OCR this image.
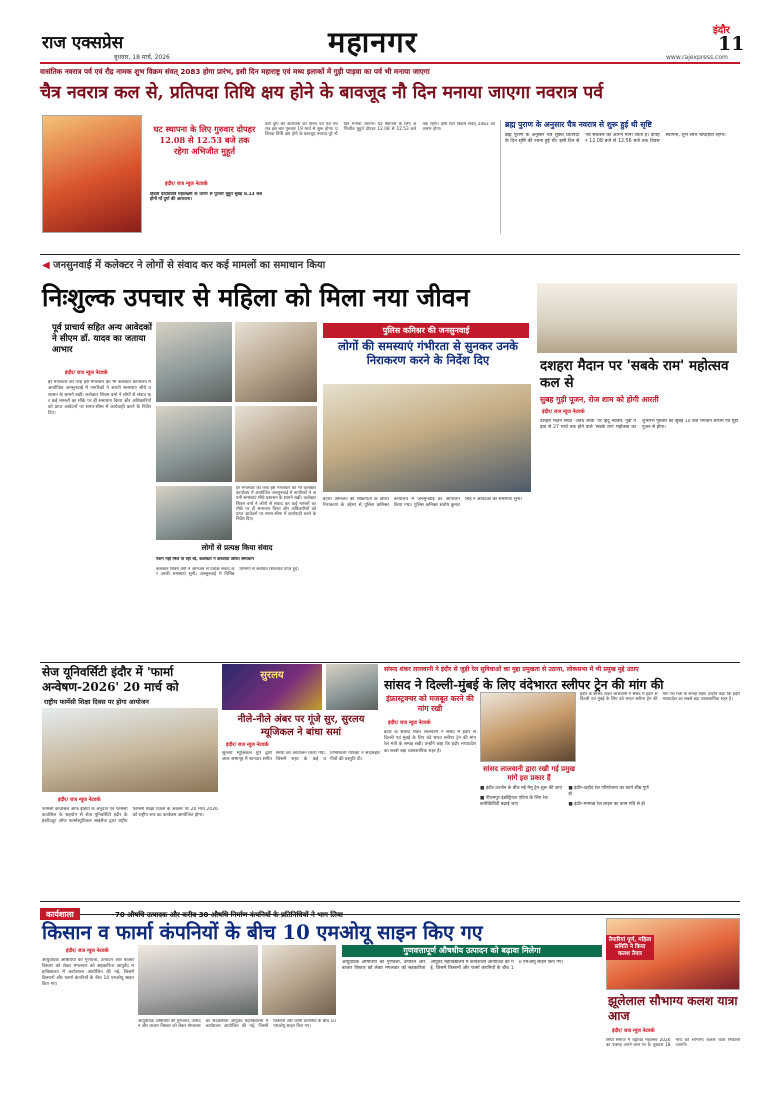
राज एक्सप्रेस
बुधवार, 18 मार्च, 2026	महानगर	इंदौर
11
www.rajexpress.com
वासंतिक नवरात्र पर्व एवं रौद्र नामक शुभ विक्रम संवत् 2083 होगा प्रारंभ, इसी दिन महाराष्ट्र एवं मध्य इलाकों में गुड़ी पाड़वा का पर्व भी मनाया जाएगा
चैत्र नवरात्र कल से, प्रतिपदा तिथि क्षय होने के बावजूद नौ दिन मनाया जाएगा नवरात्र पर्व
घट स्थापना के लिए गुरुवार दोपहर 12.08 से 12.53 बजे तक रहेगा अभिजीत मुहूर्त
इंदौर/ राज न्यूज नेटवर्क
हिंदवीं दैवाधिदेवि महालक्ष्मी के जागर से पुरवारे मुहूर्त सुबह 8.13 बजे होगी माँ दुर्गा की आराधना।
देवी दुर्गा की आराधना का पावन पर्व चैत्र नवरात्र इस बार गुरुवार 19 मार्च से शुरू होगा। प्रतिपदा तिथि क्षय होने के बावजूद नवरात्र पूरे नौ दिन मनाया जाएगा। घट स्थापना के लिए अभिजीत मुहूर्त दोपहर 12.08 से 12.53 बजे तक रहेगा। इसी दिन विक्रम संवत् 2083 का आरंभ होगा।
ब्रह्म पुराण के अनुसार चैत्र नवरात्र से शुरू हुई थी सृष्टि
ब्रह्म पुराण के अनुसार चैत्र शुक्ल प्रतिपदा के दिन सृष्टि की रचना हुई थी। इसी दिन से नव संवत्सर का आरंभ माना जाता है। दोपहर 12.08 बजे से 12.56 बजे तक दिवस स्थापना, शुभ लाभ चौघड़िया रहेगा।
◀ जनसुनवाई में कलेक्टर ने लोगों से संवाद कर कई मामलों का समाधान किया
निःशुल्क उपचार से महिला को मिला नया जीवन
पूर्व प्राचार्य सहित अन्य आवेदकों ने सीएम डॉ. यादव का जताया आभार
इंदौर/ राज न्यूज नेटवर्क
हर मंगलवार की तरह इस मंगलवार को भी कलेक्टर कार्यालय में आयोजित जनसुनवाई में नागरिकों ने अपनी समस्याएं सीधे प्रशासन के सामने रखीं। कलेक्टर शिवम वर्मा ने लोगों से संवाद कर कई मामलों का मौके पर ही समाधान किया और अधिकारियों को प्राप्त आवेदनों पर समय-सीमा में कार्यवाही करने के निर्देश दिए।
हर मंगलवार की तरह इस मंगलवार को भी कलेक्टर कार्यालय में आयोजित जनसुनवाई में नागरिकों ने अपनी समस्याएं सीधे प्रशासन के सामने रखीं। कलेक्टर शिवम वर्मा ने लोगों से संवाद कर कई मामलों का मौके पर ही समाधान किया और अधिकारियों को प्राप्त आवेदनों पर समय-सीमा में कार्यवाही करने के निर्देश दिए।
लोगों से प्रत्यक्ष किया संवाद
पेंशन नहीं मिल पा रही थी, कलेक्टर ने करवाया त्वरित समाधान
कलेक्टर शिवम वर्मा ने आमजन से प्रत्यक्ष संवाद कर उनकी समस्याएं सुनीं। जनसुनवाई में विभिन्न विभागों से संबंधित शिकायतें प्राप्त हुईं।
पुलिस कमिश्नर की जनसुनवाई
लोगों की समस्याएं गंभीरता से सुनकर उनके निराकरण करने के निर्देश दिए
इंदौर। आमजन की शिकायतों के त्वरित निराकरण के उद्देश्य से पुलिस कमिश्नर कार्यालय में जनसुनवाई का आयोजन किया गया। पुलिस कमिश्नर संतोष कुमार सिंह ने आवेदकों की समस्याएं सुनीं।
दशहरा मैदान पर 'सबके राम' महोत्सव कल से
सुबह गुड़ी पूजन, रोज शाम को होगी आरती
इंदौर/ राज न्यूज नेटवर्क
दशहरा मैदान स्थित 'अवध लोक' पर हिंदू नववर्ष, गुड़ी पड़वा से 27 मार्च तक होने वाले 'सबके राम' महोत्सव का शुभारंभ गुरुवार को सुबह 10 बजे भगवान श्रीराम एवं गुड़ी पूजन से होगा।
सेज यूनिवर्सिटी इंदौर में 'फार्मा अन्वेषण-2026' 20 मार्च को
राष्ट्रीय फार्मेसी शिक्षा दिवस पर होगा आयोजन
इंदौर/ राज न्यूज नेटवर्क
फार्मेसी काउंसिल ऑफ इंडिया के अनुदान एवं फार्मेसी काउंसिल के सहयोग से सेज यूनिवर्सिटी इंदौर के इंस्टीट्यूट ऑफ फार्मास्युटिकल साइंसेज द्वारा राष्ट्रीय फार्मेसी शिक्षा दिवस के अवसर पर 20 मार्च 2026 को राष्ट्रीय स्तर का कार्यक्रम आयोजित होगा।
सुरलय
नीले-नीले अंबर पर गूंजे सुर, सुरलय म्यूजिकल ने बांधा समां
इंदौर/ राज न्यूज नेटवर्क
सुरलय म्यूजिकल ग्रुप द्वारा जाल सभागृह में शानदार संगीत संध्या का आयोजन किया गया, जिसमें शहर के कई प्रतिभाशाली गायकों ने सदाबहार गीतों की प्रस्तुति दी।
सांसद शंकर लालवानी ने इंदौर से जुड़ी रेल सुविधाओं का मुद्दा प्रमुखता से उठाया, लोकसभा में भी प्रमुख मुद्दे उठाए
सांसद ने दिल्ली-मुंबई के लिए वंदेभारत स्लीपर ट्रेन की मांग की
इंफ्रास्ट्रक्चर को मजबूत करने की मांग रखी
इंदौर/ राज न्यूज नेटवर्क
इंदौर के सांसद शंकर लालवानी ने संसद में इंदौर से दिल्ली एवं मुंबई के लिए वंदे भारत स्लीपर ट्रेन की मांग रेल मंत्री के समक्ष रखी। उन्होंने कहा कि इंदौर मध्यप्रदेश का सबसे बड़ा व्यावसायिक शहर है।
सांसद लालवानी द्वारा रखी गई प्रमुख मांगें इस प्रकार हैं
■ इंदौर-उज्जैन के बीच नई मेमू ट्रेन शुरू की जाए
■ पीथमपुर इंडस्ट्रियल एरिया के लिए रेल कनेक्टिविटी बढ़ाई जाए
■ इंदौर-दाहोद रेल परियोजना का कार्य शीघ्र पूर्ण हो
■ इंदौर-मनमाड रेल लाइन का काम गति से हो
इंदौर के सांसद शंकर लालवानी ने संसद में इंदौर से दिल्ली एवं मुंबई के लिए वंदे भारत स्लीपर ट्रेन की मांग रेल मंत्री के समक्ष रखी। उन्होंने कहा कि इंदौर मध्यप्रदेश का सबसे बड़ा व्यावसायिक शहर है।
कार्यशाला	70 औषधि उत्पादक और करीब 30 औषधि निर्माण कंपनियों के प्रतिनिधियों ने भाग लिया
किसान व फार्मा कंपनियों के बीच 10 एमओयू साइन किए गए
इंदौर/ राज न्यूज नेटवर्क
आयुर्वेदिक औषधियों की गुणवत्ता, उत्पादन और बाजार विस्तार को लेकर मंगलवार को सहकारिता आयुर्वेद महाविद्यालय में कार्यशाला आयोजित की गई, जिसमें किसानों और फार्मा कंपनियों के बीच 10 एमओयू साइन किए गए।
आयुर्वेदिक औषधियों की गुणवत्ता, उत्पादन और बाजार विस्तार को लेकर मंगलवार को सहकारिता आयुर्वेद महाविद्यालय में कार्यशाला आयोजित की गई, जिसमें किसानों और फार्मा कंपनियों के बीच 10 एमओयू साइन किए गए।
गुणवत्तापूर्ण औषधीय उत्पादन को बढ़ावा मिलेगा
आयुर्वेदिक औषधियों की गुणवत्ता, उत्पादन और बाजार विस्तार को लेकर मंगलवार को सहकारिता आयुर्वेद महाविद्यालय में कार्यशाला आयोजित की गई, जिसमें किसानों और फार्मा कंपनियों के बीच 10 एमओयू साइन किए गए।
तैयारियां पूर्ण, महिला समिति ने किया कलश तैयार
झूलेलाल सौभाग्य कलश यात्रा आज
इंदौर/ राज न्यूज नेटवर्क
सिंधी समाज में चेट्रीचंड महोत्सव 2026 का उत्साह अपने चरम पर है। बुधवार 18 मार्च को सौभाग्य कलश यात्रा निकाली जाएगी।
